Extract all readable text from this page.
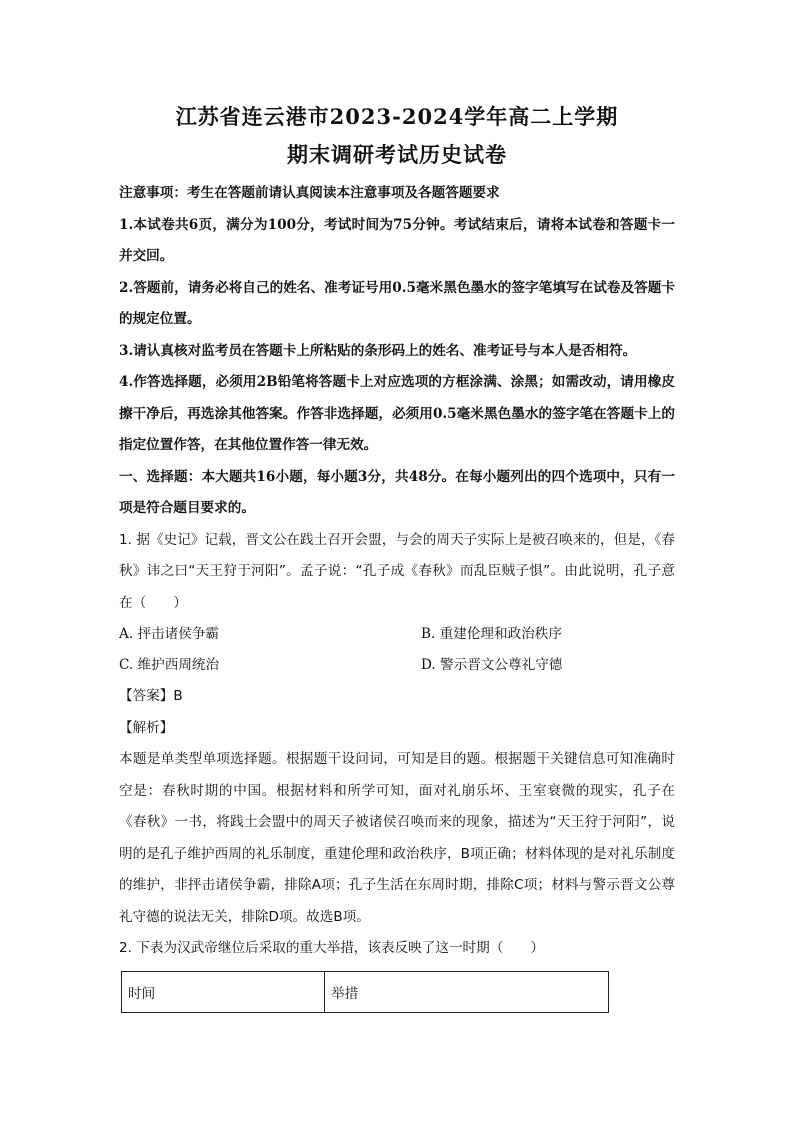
江苏省连云港市2023-2024学年高二上学期
期末调研考试历史试卷

注意事项：考生在答题前请认真阅读本注意事项及各题答题要求

1.本试卷共6页，满分为100分，考试时间为75分钟。考试结束后，请将本试卷和答题卡一并交回。

2.答题前，请务必将自己的姓名、准考证号用0.5毫米黑色墨水的签字笔填写在试卷及答题卡的规定位置。

3.请认真核对监考员在答题卡上所粘贴的条形码上的姓名、准考证号与本人是否相符。

4.作答选择题，必须用2B铅笔将答题卡上对应选项的方框涂满、涂黑；如需改动，请用橡皮擦干净后，再选涂其他答案。作答非选择题，必须用0.5毫米黑色墨水的签字笔在答题卡上的指定位置作答，在其他位置作答一律无效。

一、选择题：本大题共16小题，每小题3分，共48分。在每小题列出的四个选项中，只有一项是符合题目要求的。

1. 据《史记》记载，晋文公在践土召开会盟，与会的周天子实际上是被召唤来的，但是，《春秋》讳之曰“天王狩于河阳”。孟子说：“孔子成《春秋》而乱臣贼子惧”。由此说明，孔子意在（　　）

A. 抨击诸侯争霸	B. 重建伦理和政治秩序
C. 维护西周统治	D. 警示晋文公尊礼守德

【答案】B

【解析】

本题是单类型单项选择题。根据题干设问词，可知是目的题。根据题干关键信息可知准确时空是：春秋时期的中国。根据材料和所学可知，面对礼崩乐坏、王室衰微的现实，孔子在《春秋》一书，将践土会盟中的周天子被诸侯召唤而来的现象，描述为“天王狩于河阳”，说明的是孔子维护西周的礼乐制度，重建伦理和政治秩序，B项正确；材料体现的是对礼乐制度的维护，非抨击诸侯争霸，排除A项；孔子生活在东周时期，排除C项；材料与警示晋文公尊礼守德的说法无关，排除D项。故选B项。

2. 下表为汉武帝继位后采取的重大举措，该表反映了这一时期（　　）

时间	举措
